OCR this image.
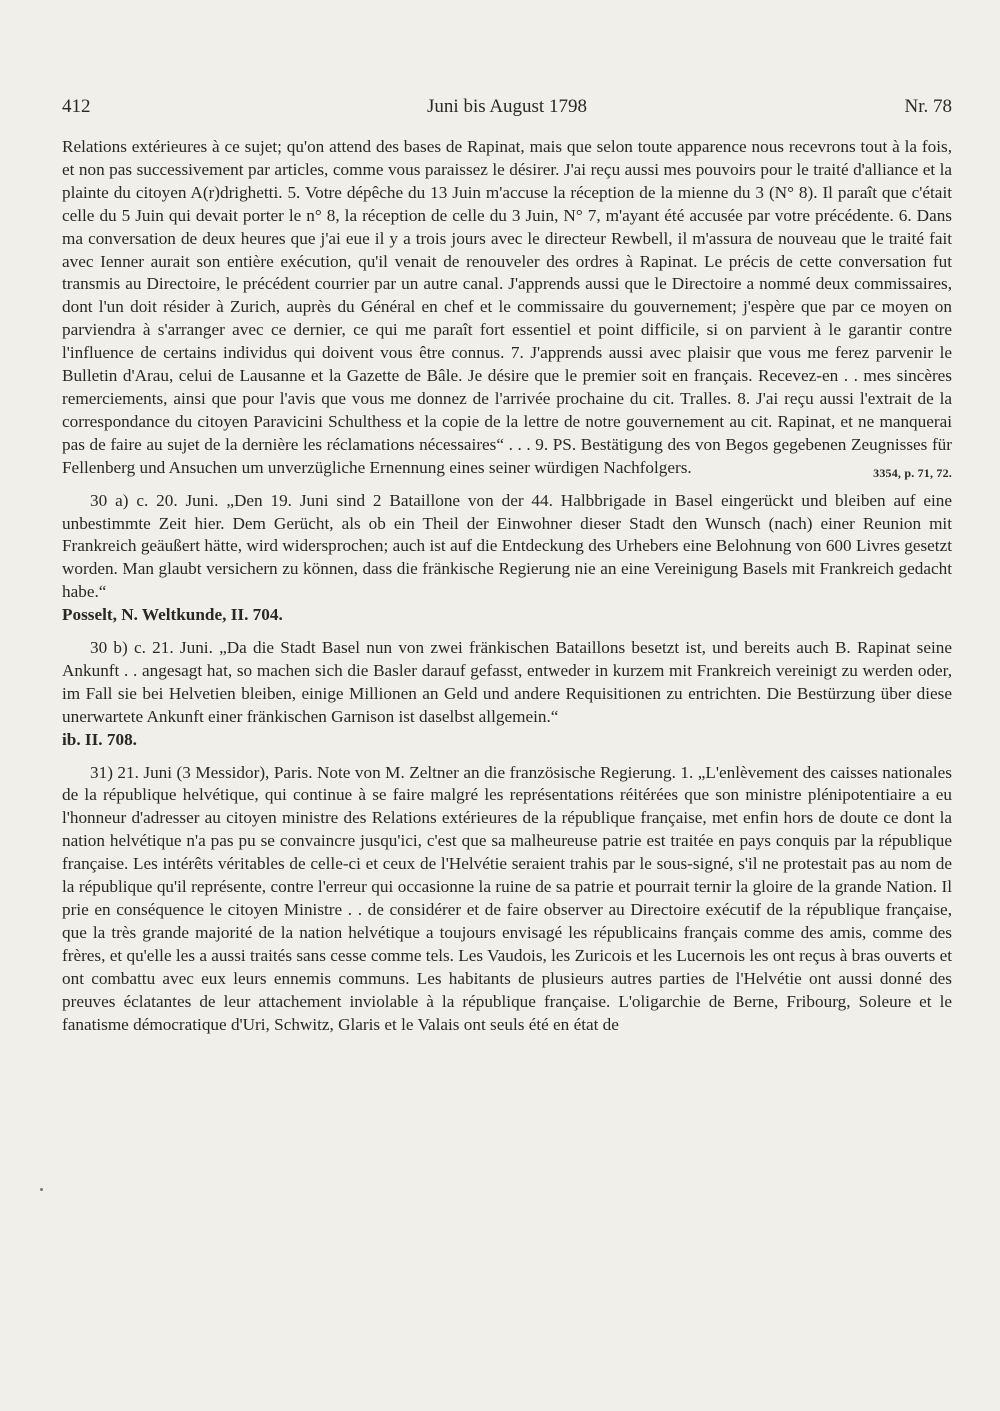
412	Juni bis August 1798	Nr. 78

Relations extérieures à ce sujet; qu'on attend des bases de Rapinat, mais que selon toute apparence nous recevrons tout à la fois, et non pas successivement par articles, comme vous paraissez le désirer. J'ai reçu aussi mes pouvoirs pour le traité d'alliance et la plainte du citoyen A(r)drighetti. 5. Votre dépêche du 13 Juin m'accuse la réception de la mienne du 3 (N° 8). Il paraît que c'était celle du 5 Juin qui devait porter le n° 8, la réception de celle du 3 Juin, N° 7, m'ayant été accusée par votre précédente. 6. Dans ma conversation de deux heures que j'ai eue il y a trois jours avec le directeur Rewbell, il m'assura de nouveau que le traité fait avec Ienner aurait son entière exécution, qu'il venait de renouveler des ordres à Rapinat. Le précis de cette conversation fut transmis au Directoire, le précédent courrier par un autre canal. J'apprends aussi que le Directoire a nommé deux commissaires, dont l'un doit résider à Zurich, auprès du Général en chef et le commissaire du gouvernement; j'espère que par ce moyen on parviendra à s'arranger avec ce dernier, ce qui me paraît fort essentiel et point difficile, si on parvient à le garantir contre l'influence de certains individus qui doivent vous être connus. 7. J'apprends aussi avec plaisir que vous me ferez parvenir le Bulletin d'Arau, celui de Lausanne et la Gazette de Bâle. Je désire que le premier soit en français. Recevez-en . . mes sincères remerciements, ainsi que pour l'avis que vous me donnez de l'arrivée prochaine du cit. Tralles. 8. J'ai reçu aussi l'extrait de la correspondance du citoyen Paravicini Schulthess et la copie de la lettre de notre gouvernement au cit. Rapinat, et ne manquerai pas de faire au sujet de la dernière les réclamations nécessaires“ . . . 9. PS. Bestätigung des von Begos gegebenen Zeugnisses für Fellenberg und Ansuchen um unverzügliche Ernennung eines seiner würdigen Nachfolgers.	3354, p. 71, 72.

30 a) c. 20. Juni. „Den 19. Juni sind 2 Bataillone von der 44. Halbbrigade in Basel eingerückt und bleiben auf eine unbestimmte Zeit hier. Dem Gerücht, als ob ein Theil der Einwohner dieser Stadt den Wunsch (nach) einer Reunion mit Frankreich geäußert hätte, wird widersprochen; auch ist auf die Entdeckung des Urhebers eine Belohnung von 600 Livres gesetzt worden. Man glaubt versichern zu können, dass die fränkische Regierung nie an eine Vereinigung Basels mit Frankreich gedacht habe.“

Posselt, N. Weltkunde, II. 704.

30 b) c. 21. Juni. „Da die Stadt Basel nun von zwei fränkischen Bataillons besetzt ist, und bereits auch B. Rapinat seine Ankunft . . angesagt hat, so machen sich die Basler darauf gefasst, entweder in kurzem mit Frankreich vereinigt zu werden oder, im Fall sie bei Helvetien bleiben, einige Millionen an Geld und andere Requisitionen zu entrichten. Die Bestürzung über diese unerwartete Ankunft einer fränkischen Garnison ist daselbst allgemein.“

ib. II. 708.

31) 21. Juni (3 Messidor), Paris. Note von M. Zeltner an die französische Regierung. 1. „L'enlèvement des caisses nationales de la république helvétique, qui continue à se faire malgré les représentations réitérées que son ministre plénipotentiaire a eu l'honneur d'adresser au citoyen ministre des Relations extérieures de la république française, met enfin hors de doute ce dont la nation helvétique n'a pas pu se convaincre jusqu'ici, c'est que sa malheureuse patrie est traitée en pays conquis par la république française. Les intérêts véritables de celle-ci et ceux de l'Helvétie seraient trahis par le sous-signé, s'il ne protestait pas au nom de la république qu'il représente, contre l'erreur qui occasionne la ruine de sa patrie et pourrait ternir la gloire de la grande Nation. Il prie en conséquence le citoyen Ministre . . de considérer et de faire observer au Directoire exécutif de la république française, que la très grande majorité de la nation helvétique a toujours envisagé les républicains français comme des amis, comme des frères, et qu'elle les a aussi traités sans cesse comme tels. Les Vaudois, les Zuricois et les Lucernois les ont reçus à bras ouverts et ont combattu avec eux leurs ennemis communs. Les habitants de plusieurs autres parties de l'Helvétie ont aussi donné des preuves éclatantes de leur attachement inviolable à la république française. L'oligarchie de Berne, Fribourg, Soleure et le fanatisme démocratique d'Uri, Schwitz, Glaris et le Valais ont seuls été en état de
